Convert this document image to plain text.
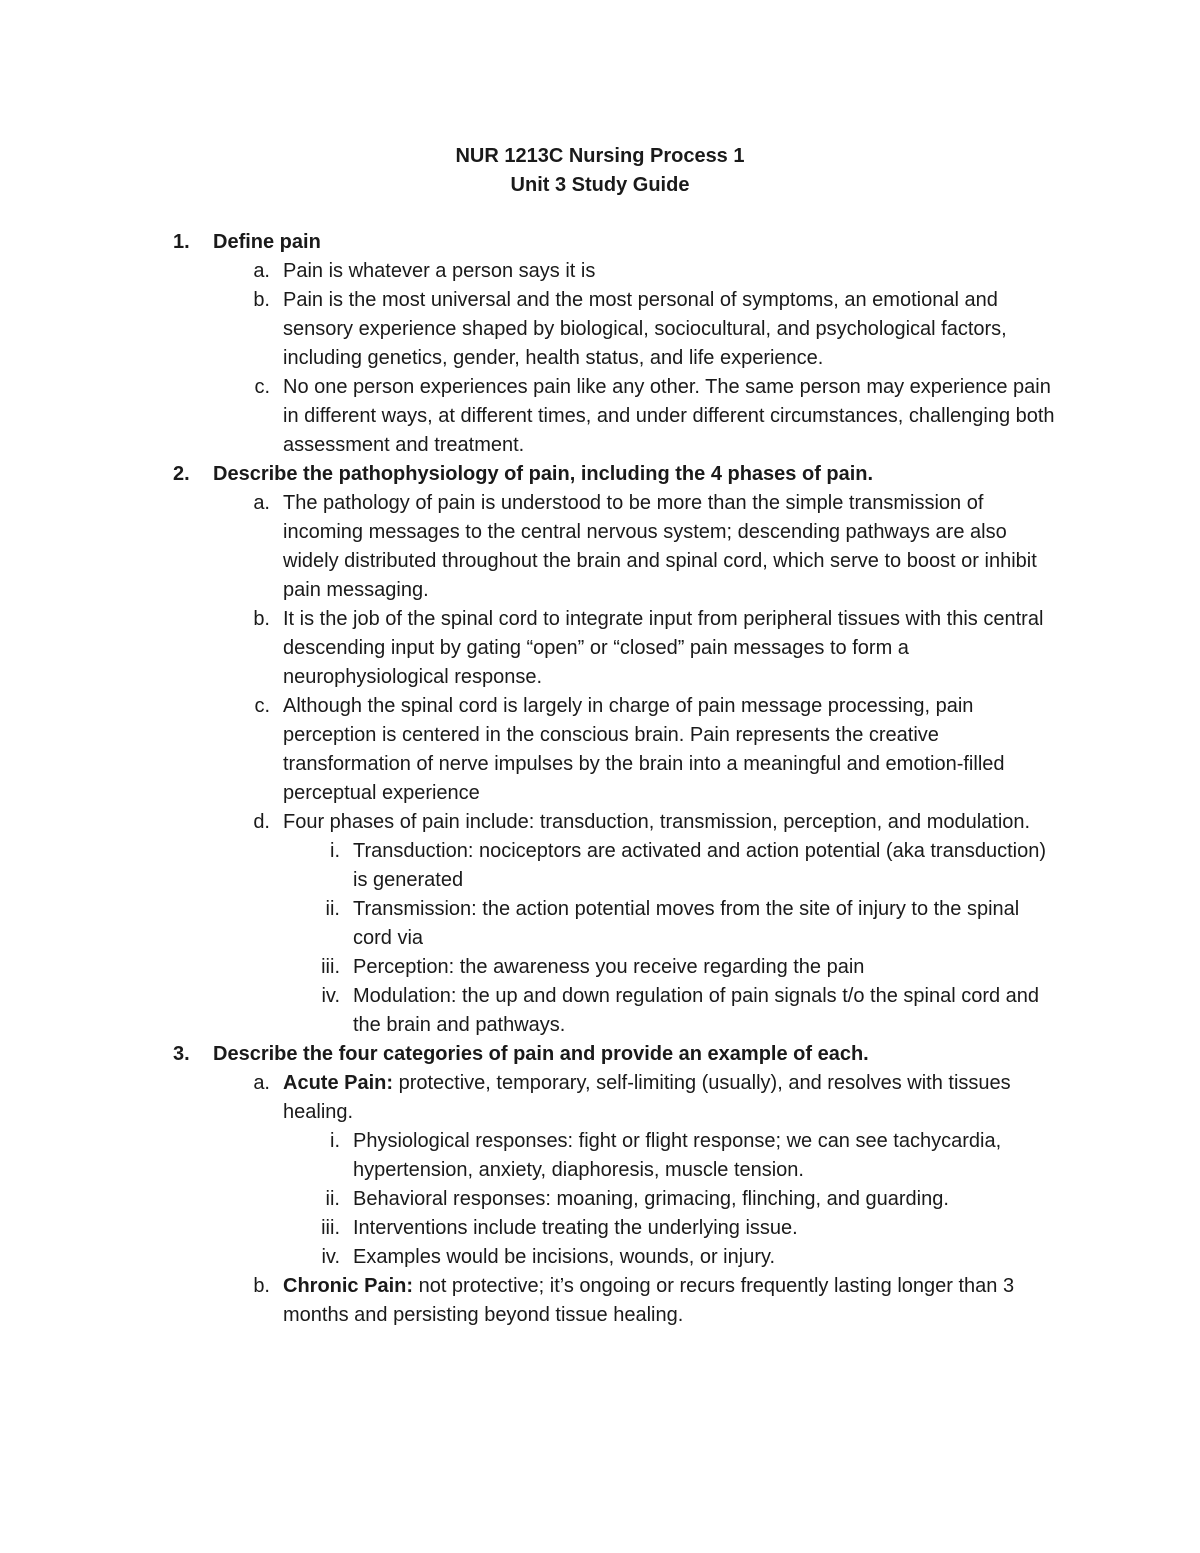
NUR 1213C Nursing Process 1
Unit 3 Study Guide
1.	Define pain
a. Pain is whatever a person says it is
b. Pain is the most universal and the most personal of symptoms, an emotional and sensory experience shaped by biological, sociocultural, and psychological factors, including genetics, gender, health status, and life experience.
c. No one person experiences pain like any other. The same person may experience pain in different ways, at different times, and under different circumstances, challenging both assessment and treatment.
2.	Describe the pathophysiology of pain, including the 4 phases of pain.
a. The pathology of pain is understood to be more than the simple transmission of incoming messages to the central nervous system; descending pathways are also widely distributed throughout the brain and spinal cord, which serve to boost or inhibit pain messaging.
b. It is the job of the spinal cord to integrate input from peripheral tissues with this central descending input by gating “open” or “closed” pain messages to form a neurophysiological response.
c. Although the spinal cord is largely in charge of pain message processing, pain perception is centered in the conscious brain. Pain represents the creative transformation of nerve impulses by the brain into a meaningful and emotion-filled perceptual experience
d. Four phases of pain include: transduction, transmission, perception, and modulation.
i. Transduction: nociceptors are activated and action potential (aka transduction) is generated
ii. Transmission: the action potential moves from the site of injury to the spinal cord via
iii. Perception: the awareness you receive regarding the pain
iv. Modulation: the up and down regulation of pain signals t/o the spinal cord and the brain and pathways.
3.	Describe the four categories of pain and provide an example of each.
a. Acute Pain: protective, temporary, self-limiting (usually), and resolves with tissues healing.
i. Physiological responses: fight or flight response; we can see tachycardia, hypertension, anxiety, diaphoresis, muscle tension.
ii. Behavioral responses: moaning, grimacing, flinching, and guarding.
iii. Interventions include treating the underlying issue.
iv. Examples would be incisions, wounds, or injury.
b. Chronic Pain: not protective; it’s ongoing or recurs frequently lasting longer than 3 months and persisting beyond tissue healing.
